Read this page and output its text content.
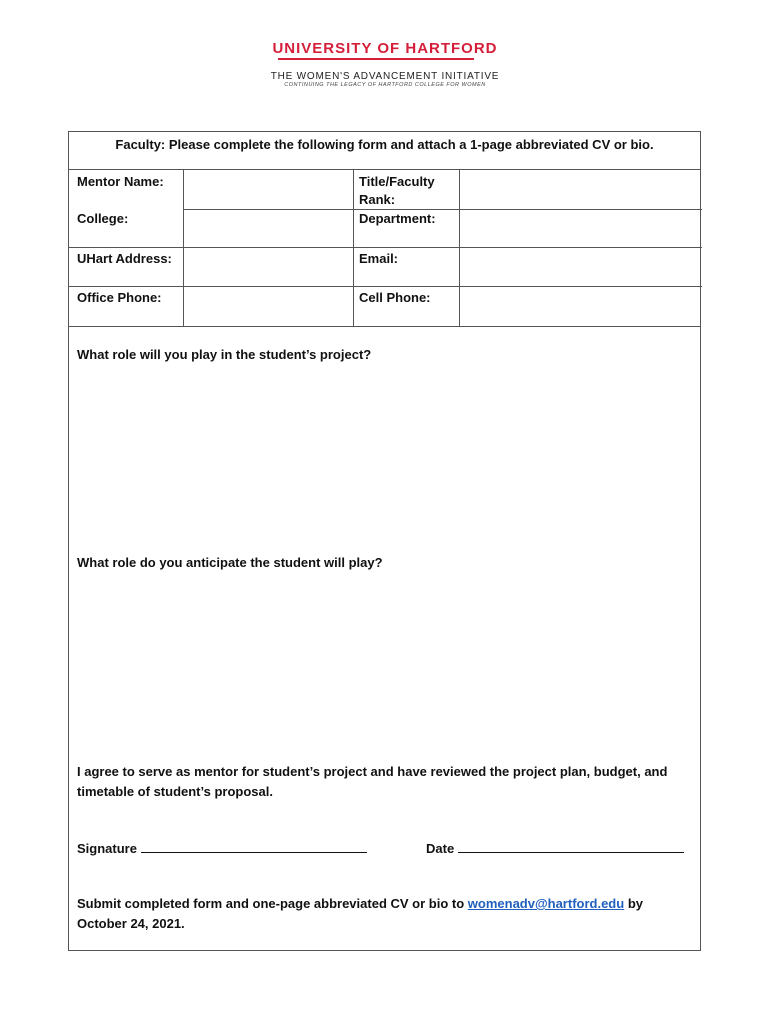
UNIVERSITY OF HARTFORD
THE WOMEN'S ADVANCEMENT INITIATIVE
CONTINUING THE LEGACY OF HARTFORD COLLEGE FOR WOMEN
Faculty: Please complete the following form and attach a 1-page abbreviated CV or bio.
Mentor Name:
College:
UHart Address:
Office Phone:
Title/Faculty
Rank:
Department:
Email:
Cell Phone:
What role will you play in the student’s project?
What role do you anticipate the student will play?
I agree to serve as mentor for student’s project and have reviewed the project plan, budget, and timetable of student’s proposal.
Signature	Date
Submit completed form and one-page abbreviated CV or bio to womenadv@hartford.edu by
October 24, 2021.
